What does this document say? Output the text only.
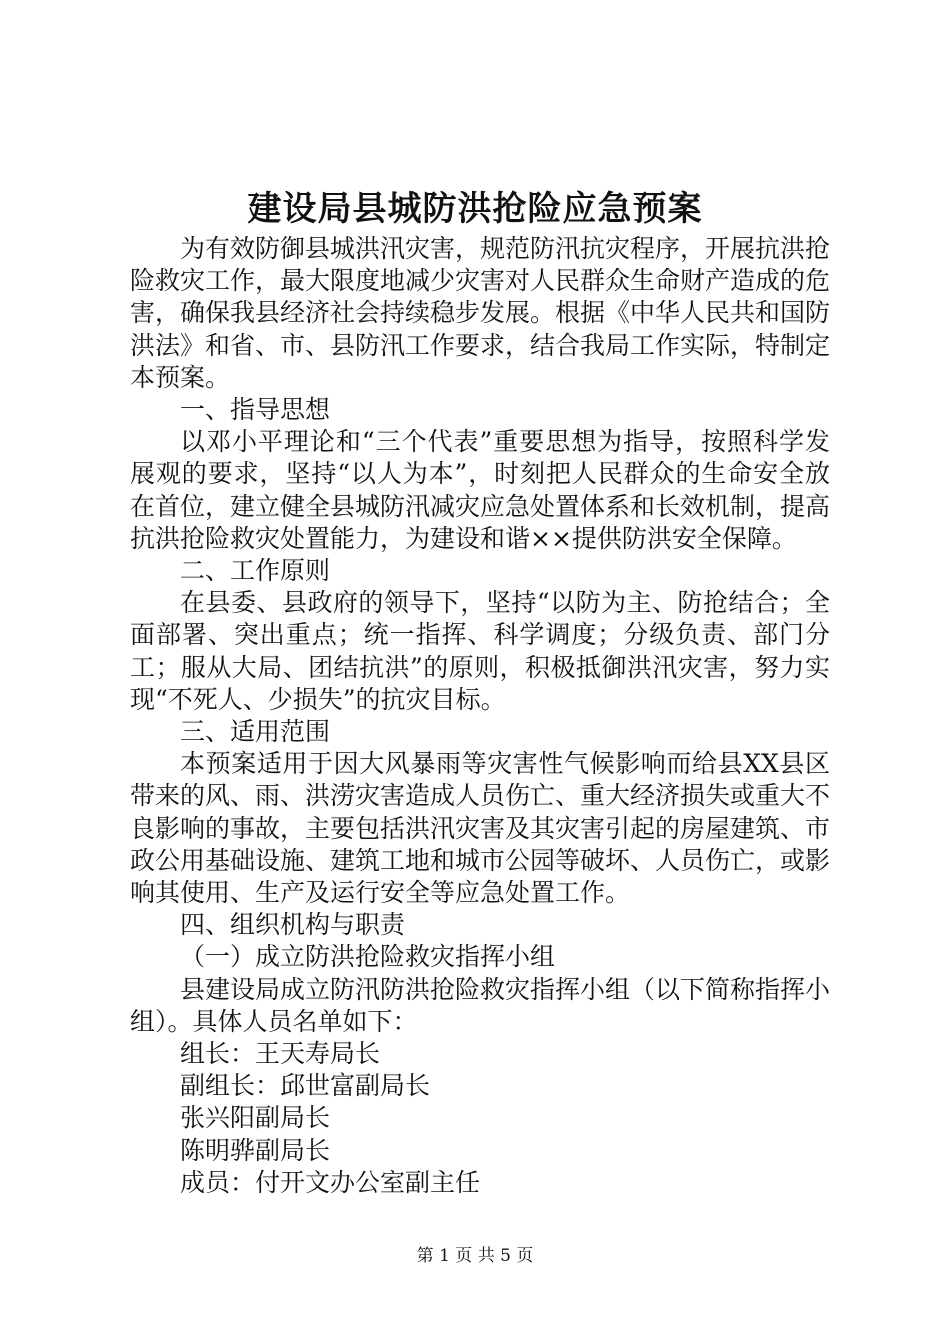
建设局县城防洪抢险应急预案

为有效防御县城洪汛灾害，规范防汛抗灾程序，开展抗洪抢险救灾工作，最大限度地减少灾害对人民群众生命财产造成的危害，确保我县经济社会持续稳步发展。根据《中华人民共和国防洪法》和省、市、县防汛工作要求，结合我局工作实际，特制定本预案。

一、指导思想

以邓小平理论和“三个代表”重要思想为指导，按照科学发展观的要求，坚持“以人为本”，时刻把人民群众的生命安全放在首位，建立健全县城防汛减灾应急处置体系和长效机制，提高抗洪抢险救灾处置能力，为建设和谐××提供防洪安全保障。

二、工作原则

在县委、县政府的领导下，坚持“以防为主、防抢结合；全面部署、突出重点；统一指挥、科学调度；分级负责、部门分工；服从大局、团结抗洪”的原则，积极抵御洪汛灾害，努力实现“不死人、少损失”的抗灾目标。

三、适用范围

本预案适用于因大风暴雨等灾害性气候影响而给县XX县区带来的风、雨、洪涝灾害造成人员伤亡、重大经济损失或重大不良影响的事故，主要包括洪汛灾害及其灾害引起的房屋建筑、市政公用基础设施、建筑工地和城市公园等破坏、人员伤亡，或影响其使用、生产及运行安全等应急处置工作。

四、组织机构与职责

（一）成立防洪抢险救灾指挥小组

县建设局成立防汛防洪抢险救灾指挥小组（以下简称指挥小组）。具体人员名单如下：

组长：王天寿局长

副组长：邱世富副局长

张兴阳副局长

陈明骅副局长

成员：付开文办公室副主任

第 1 页 共 5 页
